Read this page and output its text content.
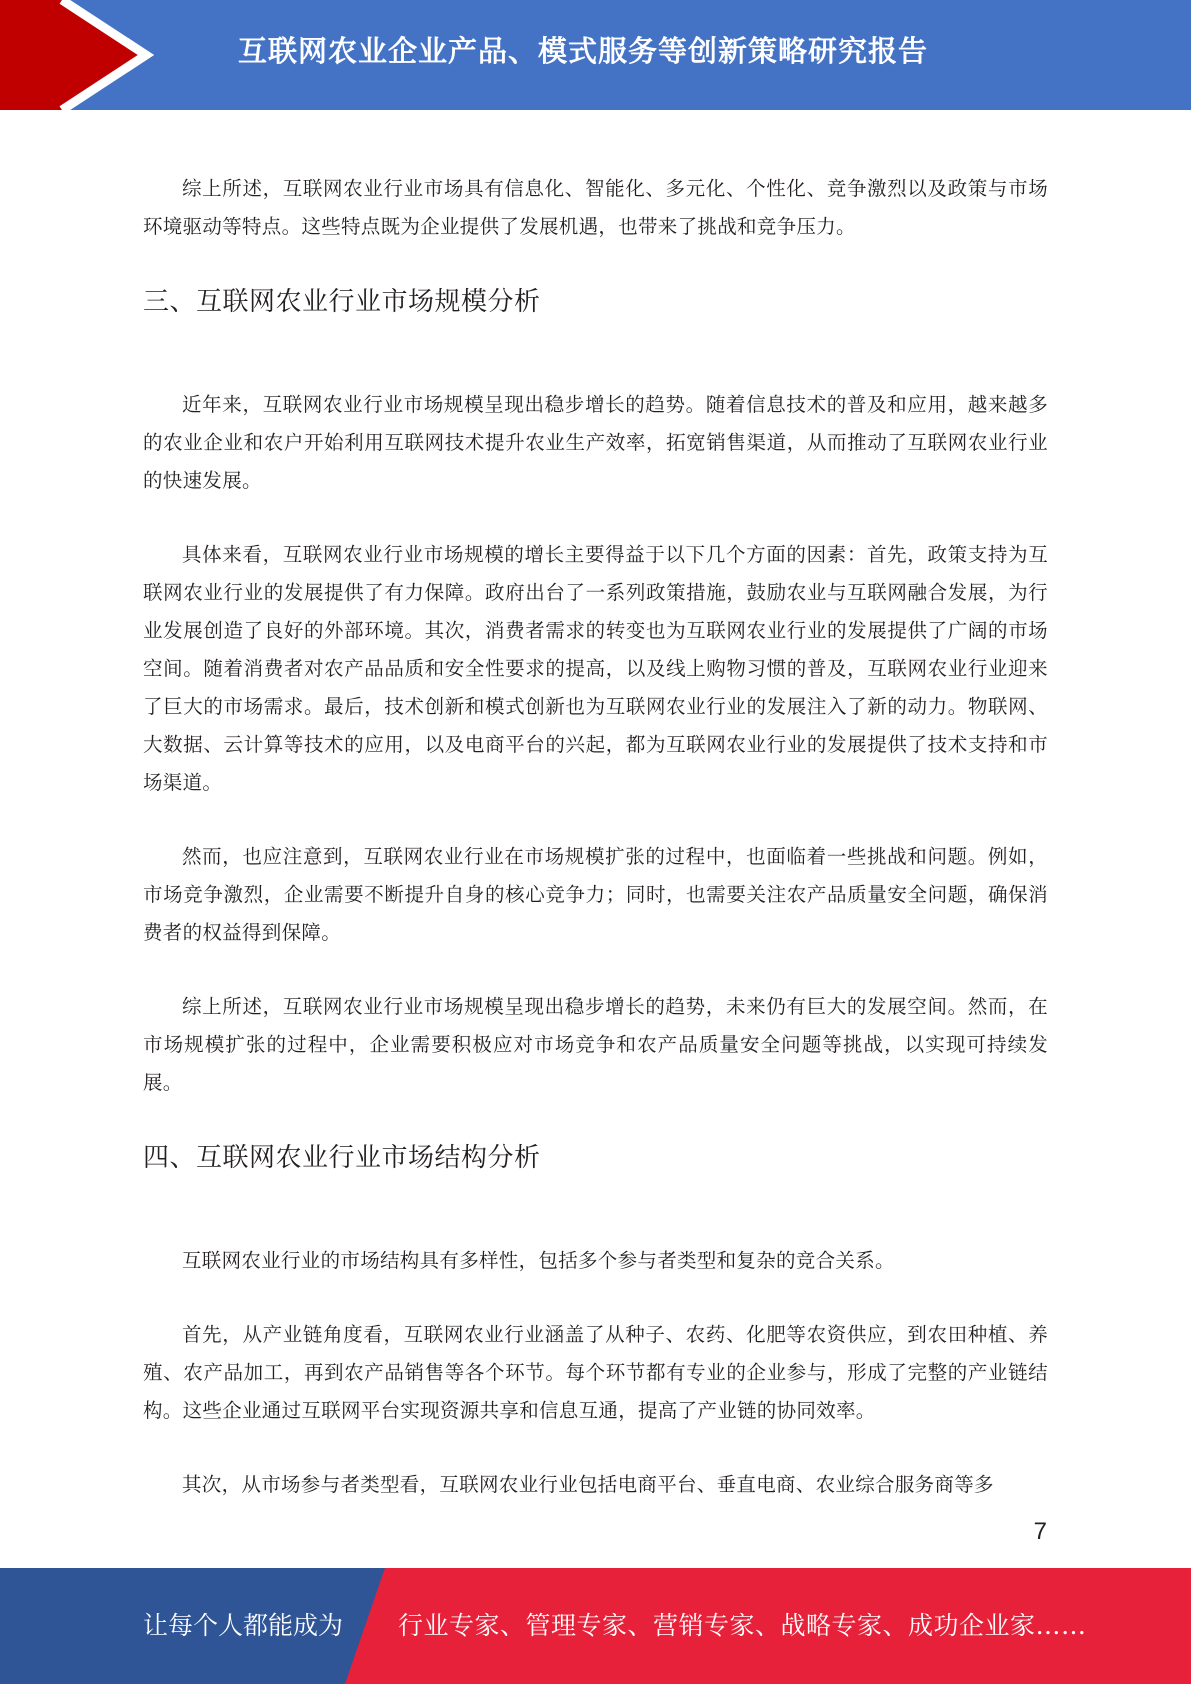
互联网农业企业产品、模式服务等创新策略研究报告

综上所述，互联网农业行业市场具有信息化、智能化、多元化、个性化、竞争激烈以及政策与市场环境驱动等特点。这些特点既为企业提供了发展机遇，也带来了挑战和竞争压力。

三、互联网农业行业市场规模分析

近年来，互联网农业行业市场规模呈现出稳步增长的趋势。随着信息技术的普及和应用，越来越多的农业企业和农户开始利用互联网技术提升农业生产效率，拓宽销售渠道，从而推动了互联网农业行业的快速发展。

具体来看，互联网农业行业市场规模的增长主要得益于以下几个方面的因素：首先，政策支持为互联网农业行业的发展提供了有力保障。政府出台了一系列政策措施，鼓励农业与互联网融合发展，为行业发展创造了良好的外部环境。其次，消费者需求的转变也为互联网农业行业的发展提供了广阔的市场空间。随着消费者对农产品品质和安全性要求的提高，以及线上购物习惯的普及，互联网农业行业迎来了巨大的市场需求。最后，技术创新和模式创新也为互联网农业行业的发展注入了新的动力。物联网、大数据、云计算等技术的应用，以及电商平台的兴起，都为互联网农业行业的发展提供了技术支持和市场渠道。

然而，也应注意到，互联网农业行业在市场规模扩张的过程中，也面临着一些挑战和问题。例如，市场竞争激烈，企业需要不断提升自身的核心竞争力；同时，也需要关注农产品质量安全问题，确保消费者的权益得到保障。

综上所述，互联网农业行业市场规模呈现出稳步增长的趋势，未来仍有巨大的发展空间。然而，在市场规模扩张的过程中，企业需要积极应对市场竞争和农产品质量安全问题等挑战，以实现可持续发展。

四、互联网农业行业市场结构分析

互联网农业行业的市场结构具有多样性，包括多个参与者类型和复杂的竞合关系。

首先，从产业链角度看，互联网农业行业涵盖了从种子、农药、化肥等农资供应，到农田种植、养殖、农产品加工，再到农产品销售等各个环节。每个环节都有专业的企业参与，形成了完整的产业链结构。这些企业通过互联网平台实现资源共享和信息互通，提高了产业链的协同效率。

其次，从市场参与者类型看，互联网农业行业包括电商平台、垂直电商、农业综合服务商等多

7
让每个人都能成为 行业专家、管理专家、营销专家、战略专家、成功企业家……
